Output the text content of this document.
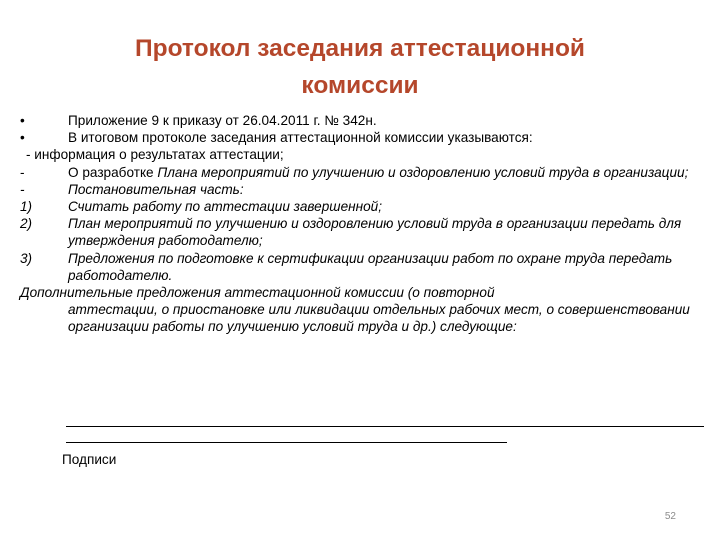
Протокол заседания аттестационной
комиссии
•	Приложение 9 к приказу от 26.04.2011 г. № 342н.
•	В итоговом протоколе заседания аттестационной комиссии указываются:
- информация о результатах аттестации;
-	О разработке Плана мероприятий по улучшению и оздоровлению условий труда в организации;
-	Постановительная часть:
1)	Считать работу по аттестации завершенной;
2)	План мероприятий по улучшению и оздоровлению условий труда в организации передать для утверждения работодателю;
3)	Предложения по подготовке к сертификации организации работ по охране труда передать работодателю.
Дополнительные предложения аттестационной комиссии (о повторной
аттестации, о приостановке или ликвидации отдельных рабочих мест, о совершенствовании организации работы по улучшению условий труда и др.) следующие:
Подписи
52
